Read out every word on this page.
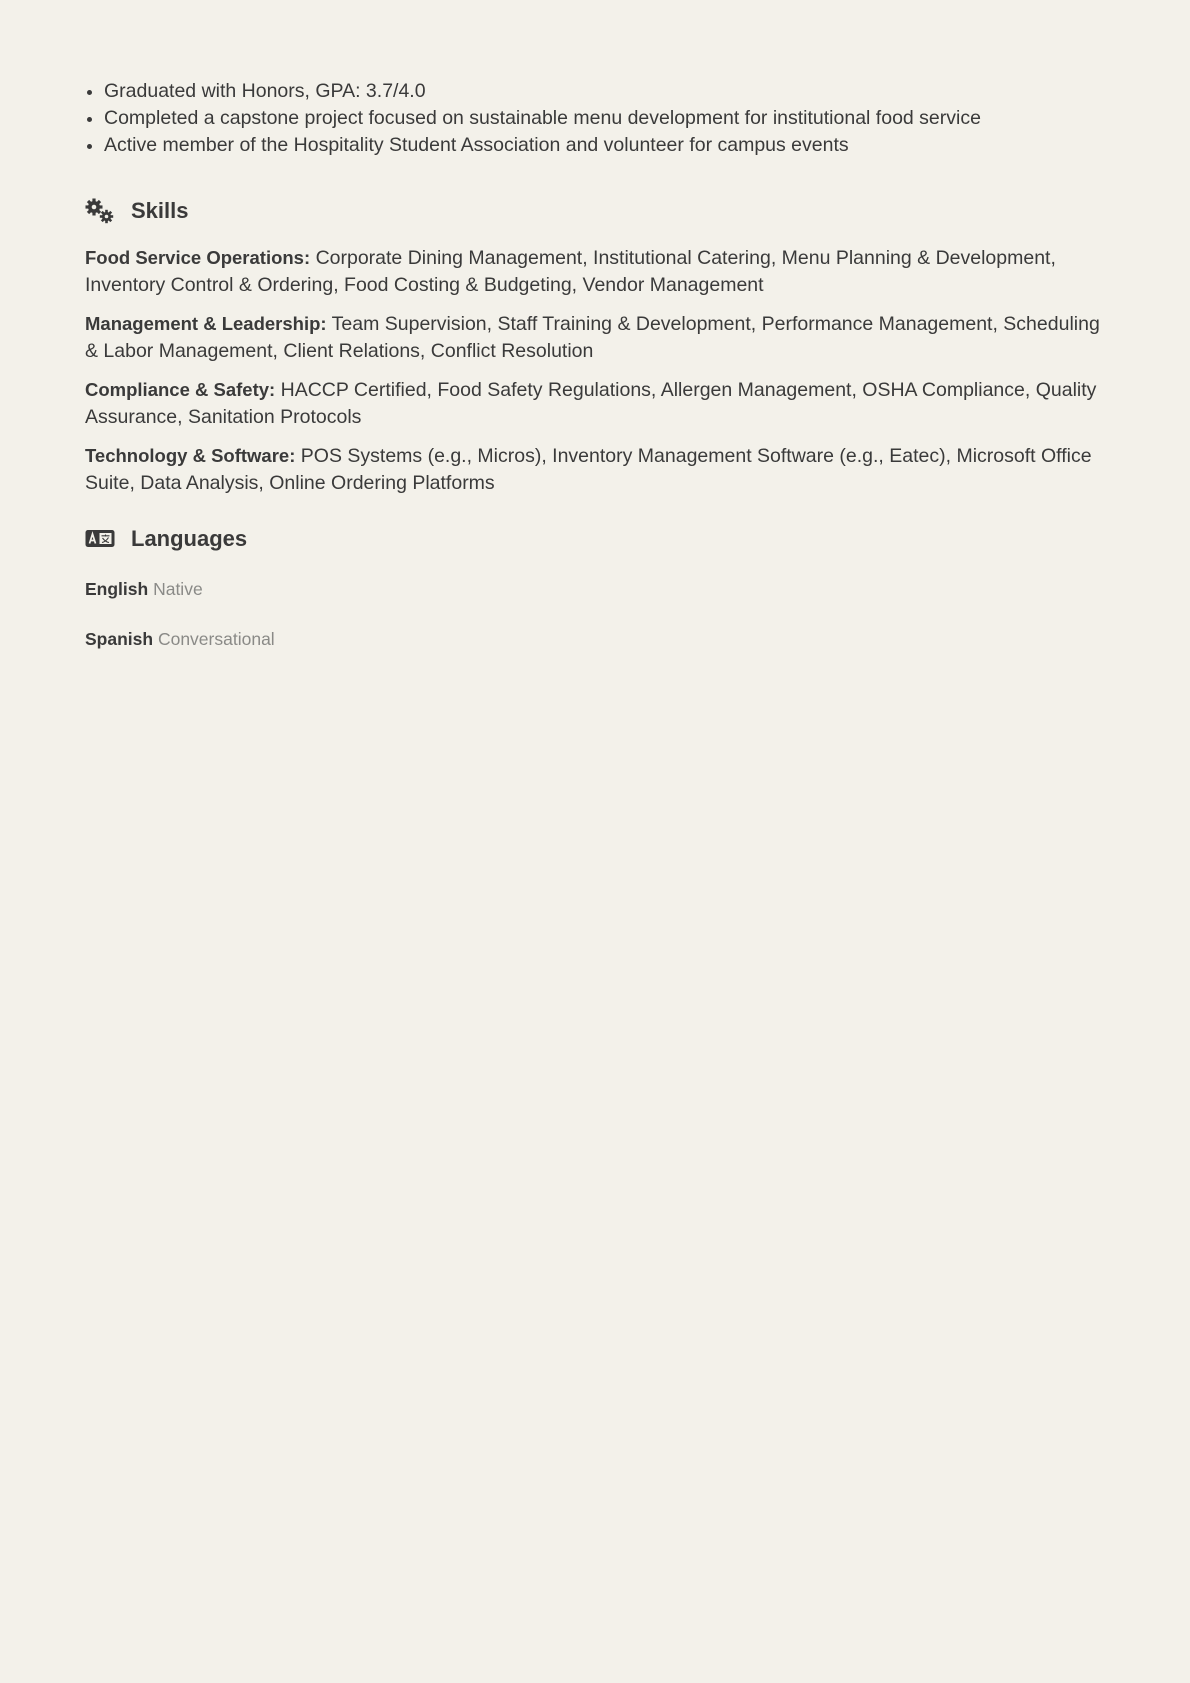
Graduated with Honors, GPA: 3.7/4.0
Completed a capstone project focused on sustainable menu development for institutional food service
Active member of the Hospitality Student Association and volunteer for campus events
Skills

Food Service Operations: Corporate Dining Management, Institutional Catering, Menu Planning & Development, Inventory Control & Ordering, Food Costing & Budgeting, Vendor Management

Management & Leadership: Team Supervision, Staff Training & Development, Performance Management, Scheduling & Labor Management, Client Relations, Conflict Resolution

Compliance & Safety: HACCP Certified, Food Safety Regulations, Allergen Management, OSHA Compliance, Quality Assurance, Sanitation Protocols

Technology & Software: POS Systems (e.g., Micros), Inventory Management Software (e.g., Eatec), Microsoft Office Suite, Data Analysis, Online Ordering Platforms

Languages
English Native
Spanish Conversational
